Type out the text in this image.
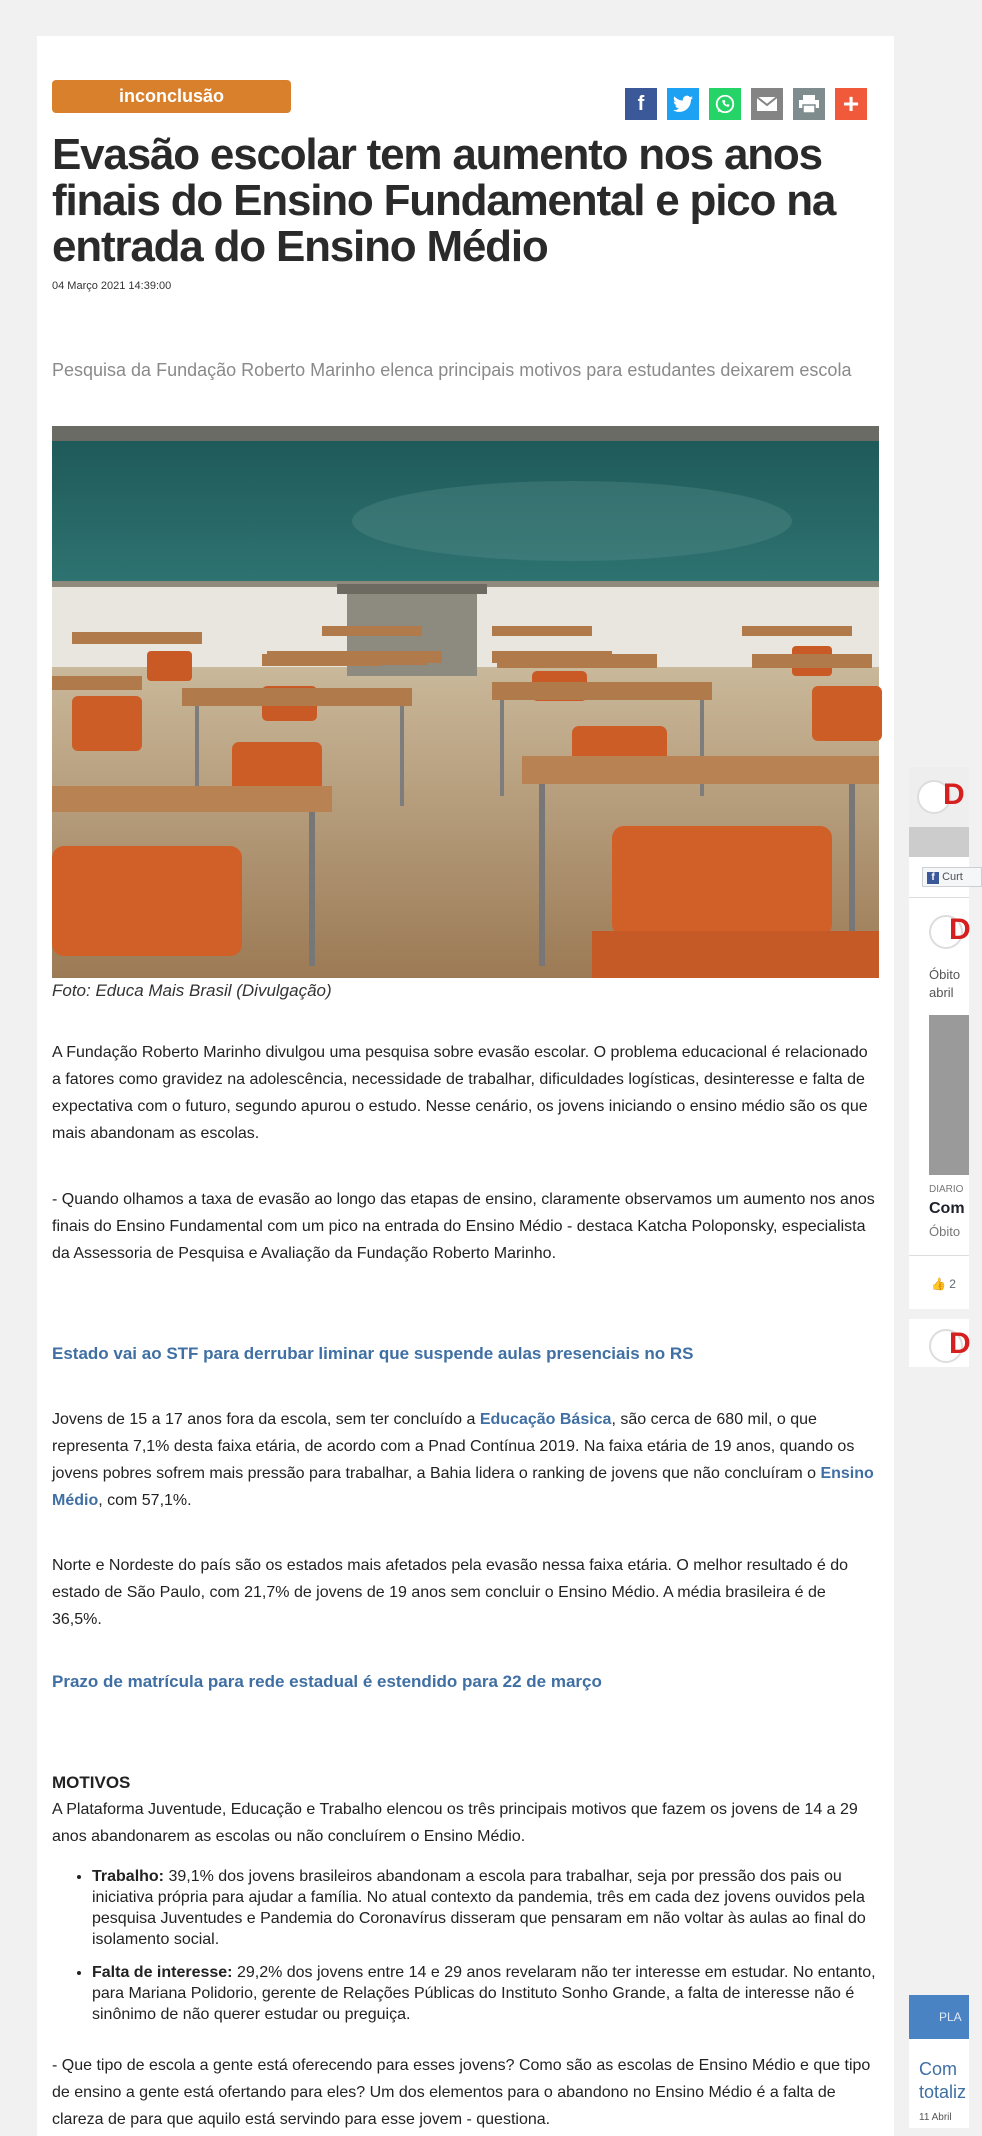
inconclusão	f	+
Evasão escolar tem aumento nos anos finais do Ensino Fundamental e pico na entrada do Ensino Médio
04 Março 2021 14:39:00
Pesquisa da Fundação Roberto Marinho elenca principais motivos para estudantes deixarem escola
Foto: Educa Mais Brasil (Divulgação)

A Fundação Roberto Marinho divulgou uma pesquisa sobre evasão escolar. O problema educacional é relacionado a fatores como gravidez na adolescência, necessidade de trabalhar, dificuldades logísticas, desinteresse e falta de expectativa com o futuro, segundo apurou o estudo. Nesse cenário, os jovens iniciando o ensino médio são os que mais abandonam as escolas.

- Quando olhamos a taxa de evasão ao longo das etapas de ensino, claramente observamos um aumento nos anos finais do Ensino Fundamental com um pico na entrada do Ensino Médio - destaca Katcha Poloponsky, especialista da Assessoria de Pesquisa e Avaliação da Fundação Roberto Marinho.

Estado vai ao STF para derrubar liminar que suspende aulas presenciais no RS

Jovens de 15 a 17 anos fora da escola, sem ter concluído a Educação Básica, são cerca de 680 mil, o que representa 7,1% desta faixa etária, de acordo com a Pnad Contínua 2019. Na faixa etária de 19 anos, quando os jovens pobres sofrem mais pressão para trabalhar, a Bahia lidera o ranking de jovens que não concluíram o Ensino Médio, com 57,1%.

Norte e Nordeste do país são os estados mais afetados pela evasão nessa faixa etária. O melhor resultado é do estado de São Paulo, com 21,7% de jovens de 19 anos sem concluir o Ensino Médio. A média brasileira é de 36,5%.

Prazo de matrícula para rede estadual é estendido para 22 de março
MOTIVOS

A Plataforma Juventude, Educação e Trabalho elencou os três principais motivos que fazem os jovens de 14 a 29 anos abandonarem as escolas ou não concluírem o Ensino Médio.

• Trabalho: 39,1% dos jovens brasileiros abandonam a escola para trabalhar, seja por pressão dos pais ou iniciativa própria para ajudar a família. No atual contexto da pandemia, três em cada dez jovens ouvidos pela pesquisa Juventudes e Pandemia do Coronavírus disseram que pensaram em não voltar às aulas ao final do isolamento social.
• Falta de interesse: 29,2% dos jovens entre 14 e 29 anos revelaram não ter interesse em estudar. No entanto, para Mariana Polidorio, gerente de Relações Públicas do Instituto Sonho Grande, a falta de interesse não é sinônimo de não querer estudar ou preguiça.

- Que tipo de escola a gente está oferecendo para esses jovens? Como são as escolas de Ensino Médio e que tipo de ensino a gente está ofertando para eles? Um dos elementos para o abandono no Ensino Médio é a falta de clareza de para que aquilo está servindo para esse jovem - questiona.

D
f Curt
D
Óbito
abril
DIARIO
Com
Óbito
👍 2
D
PLA
Com
totaliz
11 Abril
